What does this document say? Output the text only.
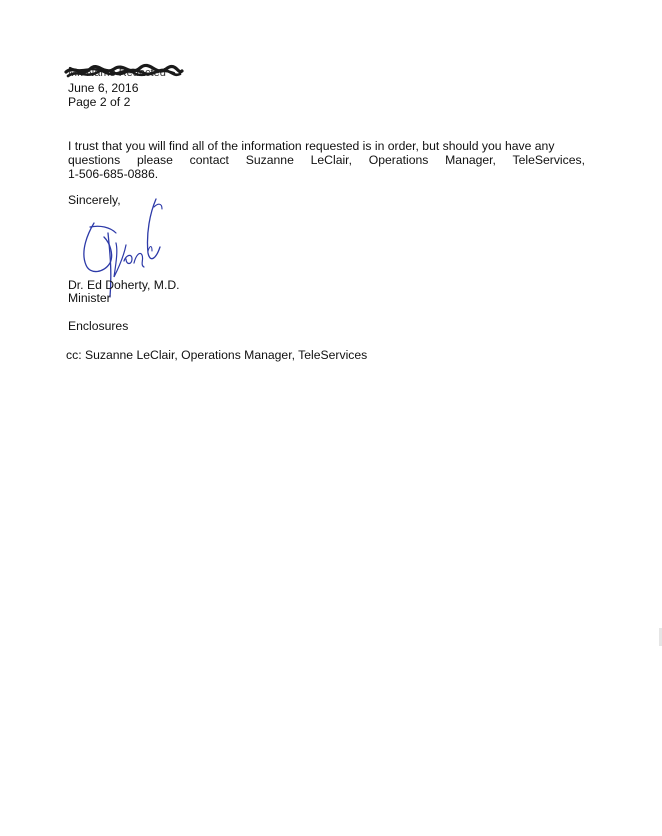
Mr. Name Redacted
June 6, 2016
Page 2 of 2
I trust that you will find all of the information requested is in order, but should you have any
questions please contact Suzanne LeClair, Operations Manager, TeleServices,
1-506-685-0886.
Sincerely,
Dr. Ed Doherty, M.D.
Minister
Enclosures
cc: Suzanne LeClair, Operations Manager, TeleServices
